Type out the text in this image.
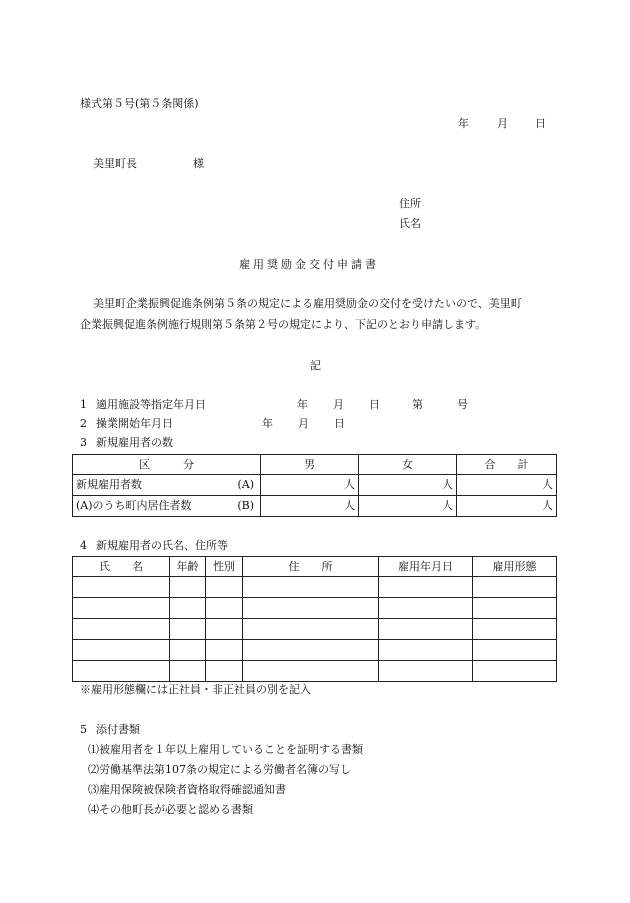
様式第５号(第５条関係)
年	月 日
美里町長	様
住所
氏名
雇用奨励金交付申請書
美里町企業振興促進条例第５条の規定による雇用奨励金の交付を受けたいので、美里町
企業振興促進条例施行規則第５条第２号の規定により、下記のとおり申請します。
記
1 適用施設等指定年月日	年 月 日	第	号
2 操業開始年月日	年 月 日
3 新規雇用者の数
区　　　分	男	女	合　　計

新規雇用者数 (A)	人	人	人

(A)のうち町内居住者数 (B)	人	人	人
4 新規雇用者の氏名、住所等
氏　　名	年齢	性別	住　　所	雇用年月日	雇用形態

※雇用形態欄には正社員・非正社員の別を記入
5 添付書類
⑴被雇用者を１年以上雇用していることを証明する書類
⑵労働基準法第107条の規定による労働者名簿の写し
⑶雇用保険被保険者資格取得確認通知書
⑷その他町長が必要と認める書類
